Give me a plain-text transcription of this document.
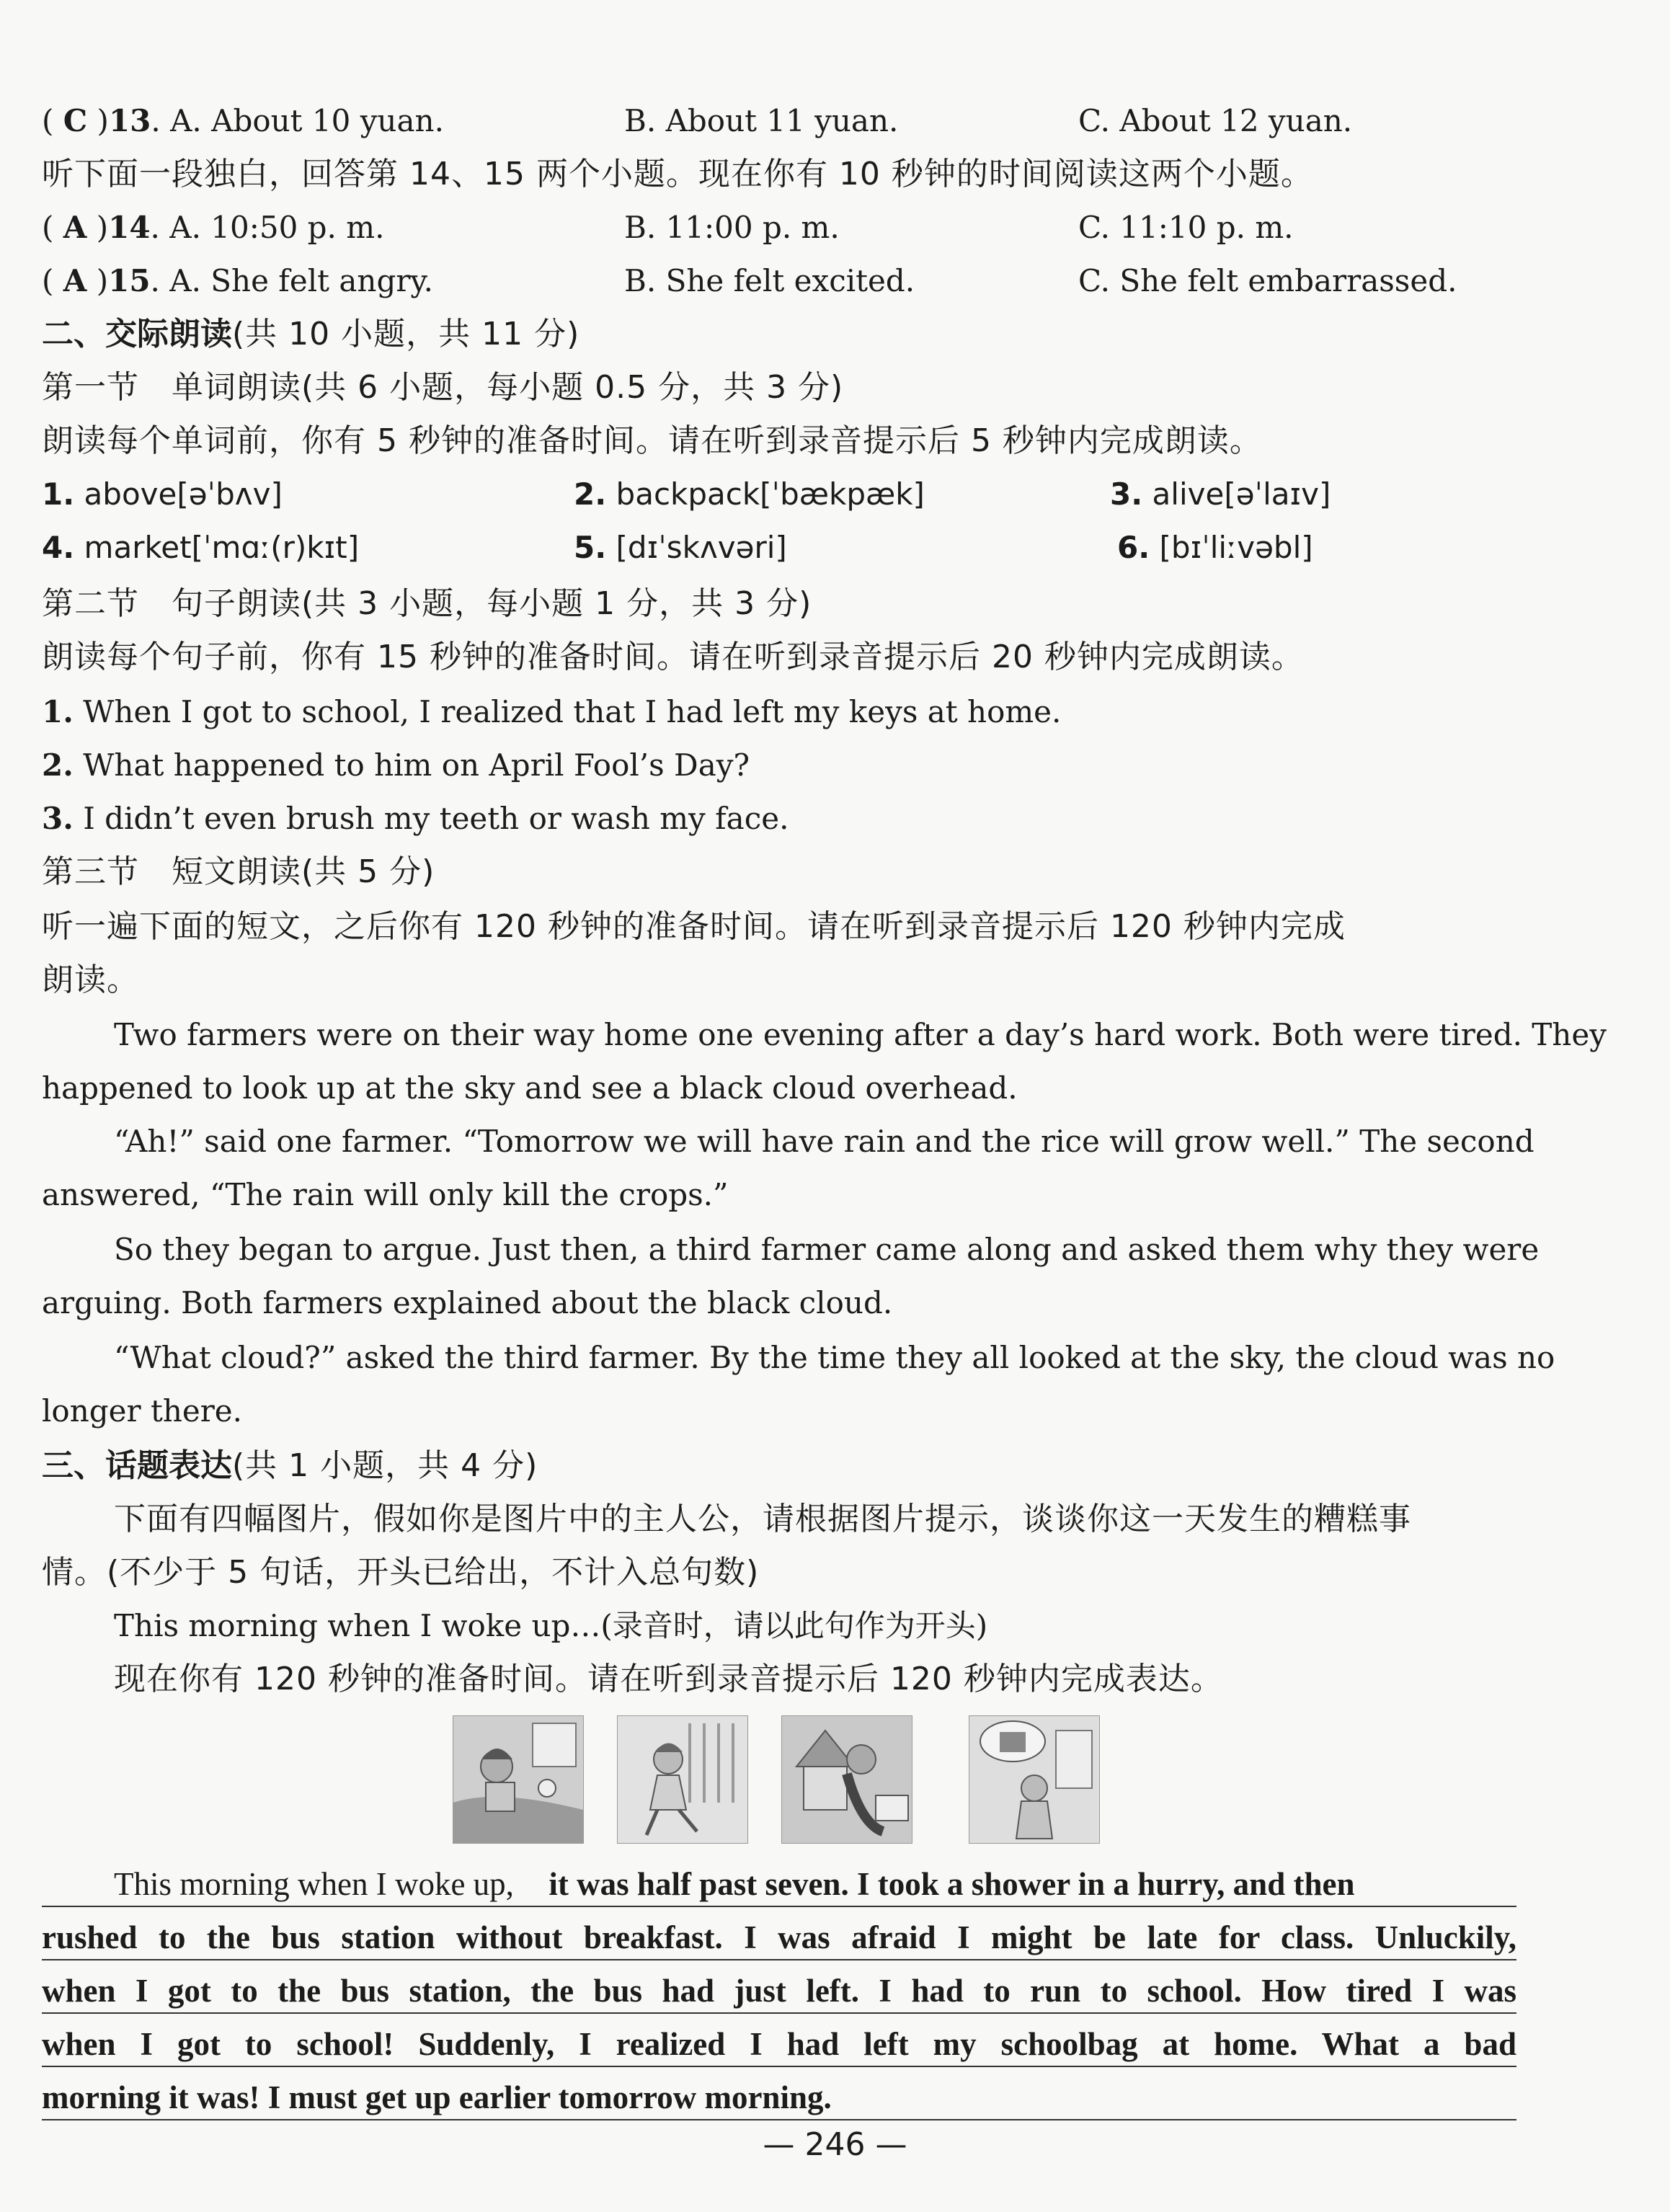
( C )13. A. About 10 yuan.	B. About 11 yuan.	C. About 12 yuan.
听下面一段独白，回答第 14、15 两个小题。现在你有 10 秒钟的时间阅读这两个小题。
( A )14. A. 10:50 p. m.	B. 11:00 p. m.	C. 11:10 p. m.
( A )15. A. She felt angry.	B. She felt excited.	C. She felt embarrassed.
二、交际朗读(共 10 小题，共 11 分)
第一节　单词朗读(共 6 小题，每小题 0.5 分，共 3 分)
朗读每个单词前，你有 5 秒钟的准备时间。请在听到录音提示后 5 秒钟内完成朗读。
1. above[əˈbʌv]	2. backpack[ˈbækpæk]	3. alive[əˈlaɪv]
4. market[ˈmɑː(r)kɪt]	5. [dɪˈskʌvəri]	6. [bɪˈliːvəbl]
第二节　句子朗读(共 3 小题，每小题 1 分，共 3 分)
朗读每个句子前，你有 15 秒钟的准备时间。请在听到录音提示后 20 秒钟内完成朗读。
1. When I got to school, I realized that I had left my keys at home.
2. What happened to him on April Fool’s Day?
3. I didn’t even brush my teeth or wash my face.
第三节　短文朗读(共 5 分)
听一遍下面的短文，之后你有 120 秒钟的准备时间。请在听到录音提示后 120 秒钟内完成
朗读。
Two farmers were on their way home one evening after a day’s hard work. Both were tired. They
happened to look up at the sky and see a black cloud overhead.
“Ah!” said one farmer. “Tomorrow we will have rain and the rice will grow well.” The second
answered, “The rain will only kill the crops.”
So they began to argue. Just then, a third farmer came along and asked them why they were
arguing. Both farmers explained about the black cloud.
“What cloud?” asked the third farmer. By the time they all looked at the sky, the cloud was no
longer there.
三、话题表达(共 1 小题，共 4 分)
下面有四幅图片，假如你是图片中的主人公，请根据图片提示，谈谈你这一天发生的糟糕事
情。(不少于 5 句话，开头已给出，不计入总句数)
This morning when I woke up…(录音时，请以此句作为开头)
现在你有 120 秒钟的准备时间。请在听到录音提示后 120 秒钟内完成表达。
This morning when I woke up, it was half past seven. I took a shower in a hurry, and then
rushed to the bus station without breakfast. I was afraid I might be late for class. Unluckily,
when I got to the bus station, the bus had just left. I had to run to school. How tired I was
when I got to school! Suddenly, I realized I had left my schoolbag at home. What a bad
morning it was! I must get up earlier tomorrow morning.
— 246 —
